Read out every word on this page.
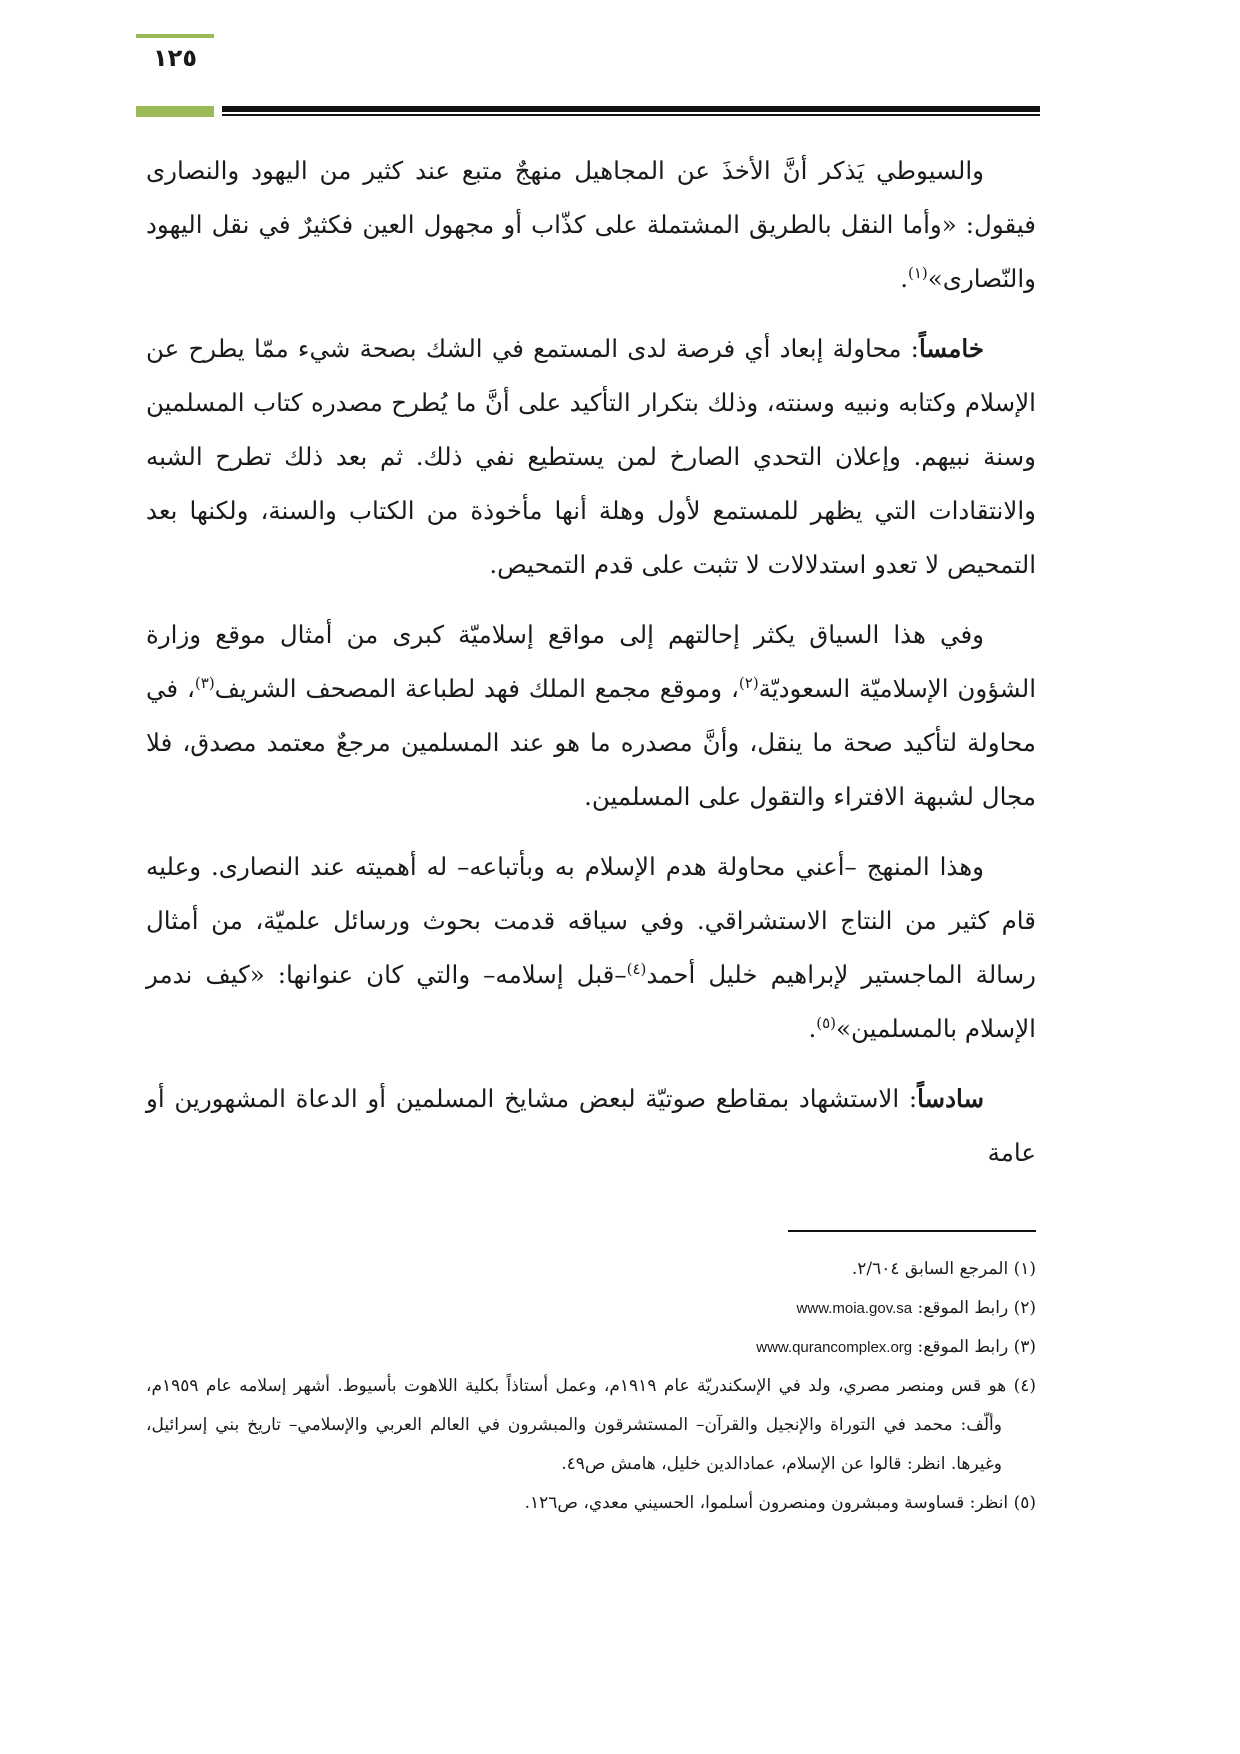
١٢٥

والسيوطي يَذكر أنَّ الأخذَ عن المجاهيل منهجٌ متبع عند كثير من اليهود والنصارى فيقول: «وأما النقل بالطريق المشتملة على كذّاب أو مجهول العين فكثيرٌ في نقل اليهود والنّصارى»$^{(١)}$.

خامساً: محاولة إبعاد أي فرصة لدى المستمع في الشك بصحة شيء ممّا يطرح عن الإسلام وكتابه ونبيه وسنته، وذلك بتكرار التأكيد على أنَّ ما يُطرح مصدره كتاب المسلمين وسنة نبيهم. وإعلان التحدي الصارخ لمن يستطيع نفي ذلك. ثم بعد ذلك تطرح الشبه والانتقادات التي يظهر للمستمع لأول وهلة أنها مأخوذة من الكتاب والسنة، ولكنها بعد التمحيص لا تعدو استدلالات لا تثبت على قدم التمحيص.

وفي هذا السياق يكثر إحالتهم إلى مواقع إسلاميّة كبرى من أمثال موقع وزارة الشؤون الإسلاميّة السعوديّة$^{(٢)}$، وموقع مجمع الملك فهد لطباعة المصحف الشريف$^{(٣)}$، في محاولة لتأكيد صحة ما ينقل، وأنَّ مصدره ما هو عند المسلمين مرجعٌ معتمد مصدق، فلا مجال لشبهة الافتراء والتقول على المسلمين.

وهذا المنهج –أعني محاولة هدم الإسلام به وبأتباعه– له أهميته عند النصارى. وعليه قام كثير من النتاج الاستشراقي. وفي سياقه قدمت بحوث ورسائل علميّة، من أمثال رسالة الماجستير لإبراهيم خليل أحمد$^{(٤)}$–قبل إسلامه– والتي كان عنوانها: «كيف ندمر الإسلام بالمسلمين»$^{(٥)}$.

سادساً: الاستشهاد بمقاطع صوتيّة لبعض مشايخ المسلمين أو الدعاة المشهورين أو عامة

(١) المرجع السابق ٢/٦٠٤.

(٢) رابط الموقع: www.moia.gov.sa

(٣) رابط الموقع: www.qurancomplex.org

(٤) هو قس ومنصر مصري، ولد في الإسكندريّة عام ١٩١٩م، وعمل أستاذاً بكلية اللاهوت بأسيوط. أشهر إسلامه عام ١٩٥٩م، وألّف: محمد في التوراة والإنجيل والقرآن– المستشرقون والمبشرون في العالم العربي والإسلامي– تاريخ بني إسرائيل، وغيرها. انظر: قالوا عن الإسلام، عمادالدين خليل، هامش ص٤٩.

(٥) انظر: قساوسة ومبشرون ومنصرون أسلموا، الحسيني معدي، ص١٢٦.
